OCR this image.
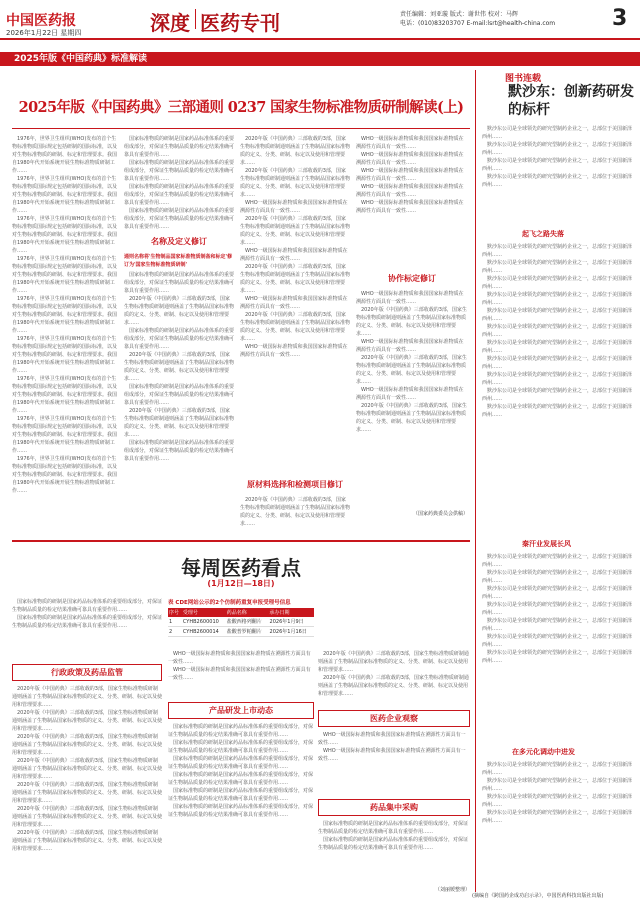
中国医药报
2026年1月22日 星期四	深度 医药专刊	责任编辑：刘亚璇 版式：谢世伟 校对：马辉
电话：(010)83203707 E-mail:lsrt@health-china.com	3
2025年版《中国药典》标准解读
2025年版《中国药典》三部通则 0237 国家生物标准物质研制解读(上)

1976年，世界卫生组织(WHO)发布的首个生物标准物质国际规定包括研制的国际标准，以及对生物标准物质的研制、标定和管理要求。我国自1980年代开始系统开展生物标准物质研制工作……

1976年，世界卫生组织(WHO)发布的首个生物标准物质国际规定包括研制的国际标准，以及对生物标准物质的研制、标定和管理要求。我国自1980年代开始系统开展生物标准物质研制工作……

1976年，世界卫生组织(WHO)发布的首个生物标准物质国际规定包括研制的国际标准，以及对生物标准物质的研制、标定和管理要求。我国自1980年代开始系统开展生物标准物质研制工作……

1976年，世界卫生组织(WHO)发布的首个生物标准物质国际规定包括研制的国际标准，以及对生物标准物质的研制、标定和管理要求。我国自1980年代开始系统开展生物标准物质研制工作……

1976年，世界卫生组织(WHO)发布的首个生物标准物质国际规定包括研制的国际标准，以及对生物标准物质的研制、标定和管理要求。我国自1980年代开始系统开展生物标准物质研制工作……

1976年，世界卫生组织(WHO)发布的首个生物标准物质国际规定包括研制的国际标准，以及对生物标准物质的研制、标定和管理要求。我国自1980年代开始系统开展生物标准物质研制工作……

1976年，世界卫生组织(WHO)发布的首个生物标准物质国际规定包括研制的国际标准，以及对生物标准物质的研制、标定和管理要求。我国自1980年代开始系统开展生物标准物质研制工作……

1976年，世界卫生组织(WHO)发布的首个生物标准物质国际规定包括研制的国际标准，以及对生物标准物质的研制、标定和管理要求。我国自1980年代开始系统开展生物标准物质研制工作……

1976年，世界卫生组织(WHO)发布的首个生物标准物质国际规定包括研制的国际标准，以及对生物标准物质的研制、标定和管理要求。我国自1980年代开始系统开展生物标准物质研制工作……

国家标准物质的研制是国家药品标准体系的重要组成部分，对保证生物制品质量的检定结果准确可靠具有重要作用……

国家标准物质的研制是国家药品标准体系的重要组成部分，对保证生物制品质量的检定结果准确可靠具有重要作用……

国家标准物质的研制是国家药品标准体系的重要组成部分，对保证生物制品质量的检定结果准确可靠具有重要作用……

国家标准物质的研制是国家药品标准体系的重要组成部分，对保证生物制品质量的检定结果准确可靠具有重要作用……

名称及定义修订
通则名称将'生物制品国家标准物质制备和标定'修订为'国家生物标准物质研制'

国家标准物质的研制是国家药品标准体系的重要组成部分，对保证生物制品质量的检定结果准确可靠具有重要作用……

2020年版《中国药典》三部收载的3部，国家生物标准物质研制通则涵盖了生物制品国家标准物质的定义、分类、研制、标定以及使用和管理要求……

国家标准物质的研制是国家药品标准体系的重要组成部分，对保证生物制品质量的检定结果准确可靠具有重要作用……

2020年版《中国药典》三部收载的3部，国家生物标准物质研制通则涵盖了生物制品国家标准物质的定义、分类、研制、标定以及使用和管理要求……

国家标准物质的研制是国家药品标准体系的重要组成部分，对保证生物制品质量的检定结果准确可靠具有重要作用……

2020年版《中国药典》三部收载的3部，国家生物标准物质研制通则涵盖了生物制品国家标准物质的定义、分类、研制、标定以及使用和管理要求……

国家标准物质的研制是国家药品标准体系的重要组成部分，对保证生物制品质量的检定结果准确可靠具有重要作用……

2020年版《中国药典》三部收载的3部，国家生物标准物质研制通则涵盖了生物制品国家标准物质的定义、分类、研制、标定以及使用和管理要求……

2020年版《中国药典》三部收载的3部，国家生物标准物质研制通则涵盖了生物制品国家标准物质的定义、分类、研制、标定以及使用和管理要求……

WHO一级国际标准物质和我国国家标准物质在溯源性方面具有一致性……

2020年版《中国药典》三部收载的3部，国家生物标准物质研制通则涵盖了生物制品国家标准物质的定义、分类、研制、标定以及使用和管理要求……

WHO一级国际标准物质和我国国家标准物质在溯源性方面具有一致性……

2020年版《中国药典》三部收载的3部，国家生物标准物质研制通则涵盖了生物制品国家标准物质的定义、分类、研制、标定以及使用和管理要求……

WHO一级国际标准物质和我国国家标准物质在溯源性方面具有一致性……

2020年版《中国药典》三部收载的3部，国家生物标准物质研制通则涵盖了生物制品国家标准物质的定义、分类、研制、标定以及使用和管理要求……

WHO一级国际标准物质和我国国家标准物质在溯源性方面具有一致性……

原材料选择和检测项目修订

2020年版《中国药典》三部收载的3部，国家生物标准物质研制通则涵盖了生物制品国家标准物质的定义、分类、研制、标定以及使用和管理要求……

WHO一级国际标准物质和我国国家标准物质在溯源性方面具有一致性……

WHO一级国际标准物质和我国国家标准物质在溯源性方面具有一致性……

WHO一级国际标准物质和我国国家标准物质在溯源性方面具有一致性……

WHO一级国际标准物质和我国国家标准物质在溯源性方面具有一致性……

WHO一级国际标准物质和我国国家标准物质在溯源性方面具有一致性……

协作标定修订

WHO一级国际标准物质和我国国家标准物质在溯源性方面具有一致性……

2020年版《中国药典》三部收载的3部，国家生物标准物质研制通则涵盖了生物制品国家标准物质的定义、分类、研制、标定以及使用和管理要求……

WHO一级国际标准物质和我国国家标准物质在溯源性方面具有一致性……

2020年版《中国药典》三部收载的3部，国家生物标准物质研制通则涵盖了生物制品国家标准物质的定义、分类、研制、标定以及使用和管理要求……

WHO一级国际标准物质和我国国家标准物质在溯源性方面具有一致性……

2020年版《中国药典》三部收载的3部，国家生物标准物质研制通则涵盖了生物制品国家标准物质的定义、分类、研制、标定以及使用和管理要求……

（国家药典委员会供稿）
图书连载
默沙东：创新药研发的标杆

默沙东公司是全球领先的研究型制药企业之一，总部位于美国新泽西州……

默沙东公司是全球领先的研究型制药企业之一，总部位于美国新泽西州……

默沙东公司是全球领先的研究型制药企业之一，总部位于美国新泽西州……

默沙东公司是全球领先的研究型制药企业之一，总部位于美国新泽西州……

起飞之路失落

默沙东公司是全球领先的研究型制药企业之一，总部位于美国新泽西州……

默沙东公司是全球领先的研究型制药企业之一，总部位于美国新泽西州……

默沙东公司是全球领先的研究型制药企业之一，总部位于美国新泽西州……

默沙东公司是全球领先的研究型制药企业之一，总部位于美国新泽西州……

默沙东公司是全球领先的研究型制药企业之一，总部位于美国新泽西州……

默沙东公司是全球领先的研究型制药企业之一，总部位于美国新泽西州……

默沙东公司是全球领先的研究型制药企业之一，总部位于美国新泽西州……

默沙东公司是全球领先的研究型制药企业之一，总部位于美国新泽西州……

默沙东公司是全球领先的研究型制药企业之一，总部位于美国新泽西州……

默沙东公司是全球领先的研究型制药企业之一，总部位于美国新泽西州……

默沙东公司是全球领先的研究型制药企业之一，总部位于美国新泽西州……

秦汗业发展长风

默沙东公司是全球领先的研究型制药企业之一，总部位于美国新泽西州……

默沙东公司是全球领先的研究型制药企业之一，总部位于美国新泽西州……

默沙东公司是全球领先的研究型制药企业之一，总部位于美国新泽西州……

默沙东公司是全球领先的研究型制药企业之一，总部位于美国新泽西州……

默沙东公司是全球领先的研究型制药企业之一，总部位于美国新泽西州……

默沙东公司是全球领先的研究型制药企业之一，总部位于美国新泽西州……

默沙东公司是全球领先的研究型制药企业之一，总部位于美国新泽西州……

在多元化调动中进发

默沙东公司是全球领先的研究型制药企业之一，总部位于美国新泽西州……

默沙东公司是全球领先的研究型制药企业之一，总部位于美国新泽西州……

默沙东公司是全球领先的研究型制药企业之一，总部位于美国新泽西州……

默沙东公司是全球领先的研究型制药企业之一，总部位于美国新泽西州……

(摘编自《跨国药企成功启示录》，中国医药科技出版社出版)
每周医药看点
(1月12日—18日)

国家标准物质的研制是国家药品标准体系的重要组成部分，对保证生物制品质量的检定结果准确可靠具有重要作用……

国家标准物质的研制是国家药品标准体系的重要组成部分，对保证生物制品质量的检定结果准确可靠具有重要作用……

行政政策及药品监管

2020年版《中国药典》三部收载的3部，国家生物标准物质研制通则涵盖了生物制品国家标准物质的定义、分类、研制、标定以及使用和管理要求……

2020年版《中国药典》三部收载的3部，国家生物标准物质研制通则涵盖了生物制品国家标准物质的定义、分类、研制、标定以及使用和管理要求……

2020年版《中国药典》三部收载的3部，国家生物标准物质研制通则涵盖了生物制品国家标准物质的定义、分类、研制、标定以及使用和管理要求……

2020年版《中国药典》三部收载的3部，国家生物标准物质研制通则涵盖了生物制品国家标准物质的定义、分类、研制、标定以及使用和管理要求……

2020年版《中国药典》三部收载的3部，国家生物标准物质研制通则涵盖了生物制品国家标准物质的定义、分类、研制、标定以及使用和管理要求……

2020年版《中国药典》三部收载的3部，国家生物标准物质研制通则涵盖了生物制品国家标准物质的定义、分类、研制、标定以及使用和管理要求……

2020年版《中国药典》三部收载的3部，国家生物标准物质研制通则涵盖了生物制品国家标准物质的定义、分类、研制、标定以及使用和管理要求……

表 CDE网站公示的2个仿制药重复申报受理号信息
序号	受理号	药品名称	承办日期
1	CYHB2600010	盐酸西格列酮片	2026年1月9日
2	CYHB2600014	盐酸普罗帕酮片	2026年1月16日

WHO一级国际标准物质和我国国家标准物质在溯源性方面具有一致性……

WHO一级国际标准物质和我国国家标准物质在溯源性方面具有一致性……

产品研发上市动态

国家标准物质的研制是国家药品标准体系的重要组成部分，对保证生物制品质量的检定结果准确可靠具有重要作用……

国家标准物质的研制是国家药品标准体系的重要组成部分，对保证生物制品质量的检定结果准确可靠具有重要作用……

国家标准物质的研制是国家药品标准体系的重要组成部分，对保证生物制品质量的检定结果准确可靠具有重要作用……

国家标准物质的研制是国家药品标准体系的重要组成部分，对保证生物制品质量的检定结果准确可靠具有重要作用……

国家标准物质的研制是国家药品标准体系的重要组成部分，对保证生物制品质量的检定结果准确可靠具有重要作用……

国家标准物质的研制是国家药品标准体系的重要组成部分，对保证生物制品质量的检定结果准确可靠具有重要作用……

2020年版《中国药典》三部收载的3部，国家生物标准物质研制通则涵盖了生物制品国家标准物质的定义、分类、研制、标定以及使用和管理要求……

2020年版《中国药典》三部收载的3部，国家生物标准物质研制通则涵盖了生物制品国家标准物质的定义、分类、研制、标定以及使用和管理要求……

医药企业观察

WHO一级国际标准物质和我国国家标准物质在溯源性方面具有一致性……

WHO一级国际标准物质和我国国家标准物质在溯源性方面具有一致性……

药品集中采购

国家标准物质的研制是国家药品标准体系的重要组成部分，对保证生物制品质量的检定结果准确可靠具有重要作用……

国家标准物质的研制是国家药品标准体系的重要组成部分，对保证生物制品质量的检定结果准确可靠具有重要作用……

（刘丽媛整理）
